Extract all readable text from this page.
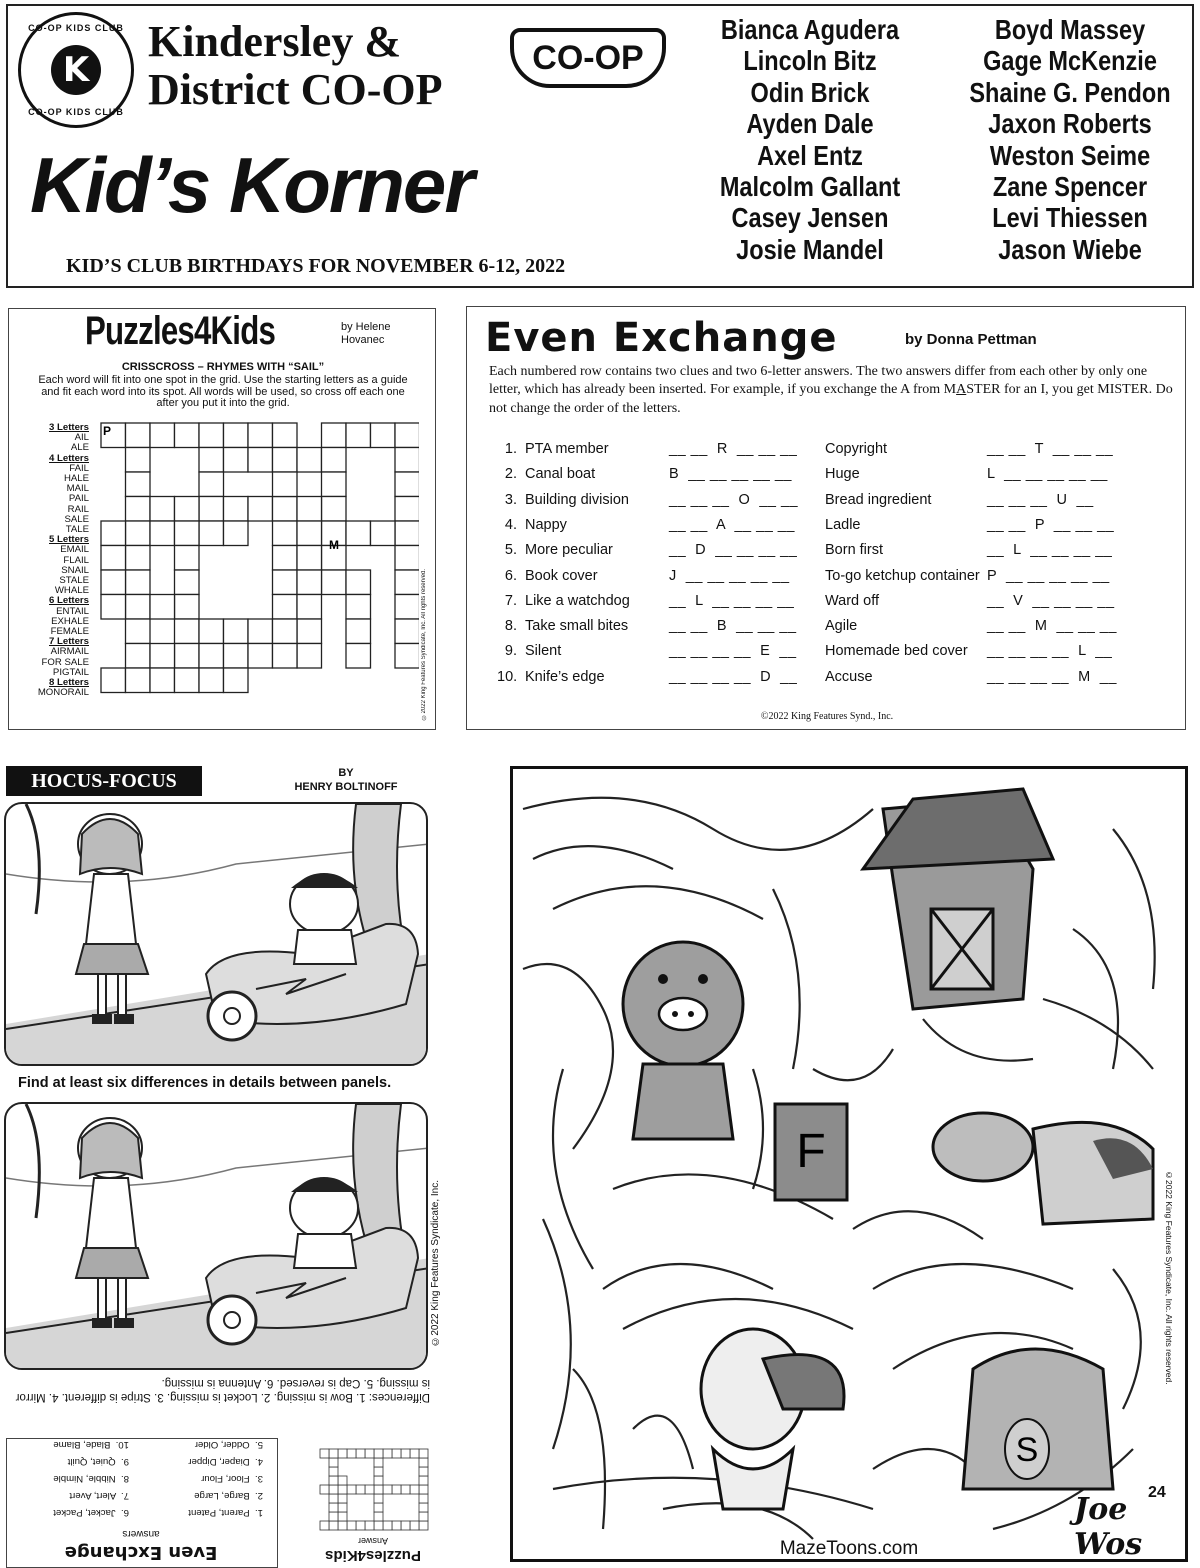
CO-OP KIDS CLUB
K
CO-OP KIDS CLUB
Kindersley &
District CO-OP
CO-OP
Kid’s Korner
KID’S CLUB BIRTHDAYS FOR NOVEMBER 6-12, 2022
Bianca Agudera
Lincoln Bitz
Odin Brick
Ayden Dale
Axel Entz
Malcolm Gallant
Casey Jensen
Josie Mandel
Boyd Massey
Gage McKenzie
Shaine G. Pendon
Jaxon Roberts
Weston Seime
Zane Spencer
Levi Thiessen
Jason Wiebe
Puzzles4Kids	by Helene Hovanec
CRISSCROSS – RHYMES WITH “SAIL”
Each word will fit into one spot in the grid. Use the starting letters as a guide and fit each word into its spot. All words will be used, so cross off each one after you put it into the grid.
3 Letters
AIL
ALE
4 Letters
FAIL
HALE
MAIL
PAIL
RAIL
SALE
TALE
5 Letters
EMAIL
FLAIL
SNAIL
STALE
WHALE
6 Letters
ENTAIL
EXHALE
FEMALE
7 Letters
AIRMAIL
FOR SALE
PIGTAIL
8 Letters
MONORAIL
P
M
©2022 King Features Syndicate, Inc. All rights reserved.
Even Exchange	by Donna Pettman
Each numbered row contains two clues and two 6-letter answers. The two answers differ from each other by only one letter, which has already been inserted. For example, if you exchange the A from MASTER for an I, you get MISTER. Do not change the order of the letters.
1. PTA member	__ __  R  __ __ __ Copyright	__ __  T  __ __ __
2. Canal boat	B  __ __ __ __ __ Huge	L  __ __ __ __ __
3. Building division	__ __ __  O  __ __ Bread ingredient	__ __ __  U  __
4. Nappy	__ __  A  __ __ __ Ladle	__ __  P  __ __ __
5. More peculiar	__  D  __ __ __ __ Born first	__  L  __ __ __ __
6. Book cover	J  __ __ __ __ __ To-go ketchup container P  __ __ __ __ __
7. Like a watchdog	__  L  __ __ __ __ Ward off	__  V  __ __ __ __
8. Take small bites	__ __  B  __ __ __ Agile	__ __  M  __ __ __
9. Silent	__ __ __ __  E  __ Homemade bed cover __ __ __ __  L  __
10. Knife’s edge	__ __ __ __  D  __ Accuse	__ __ __ __  M  __
©2022 King Features Synd., Inc.
HOCUS-FOCUS	BY
HENRY BOLTINOFF
Find at least six differences in details between panels.
©2022 King Features Syndicate, Inc.
Differences: 1. Bow is missing. 2. Locket is missing. 3. Stripe is different. 4. Mirror is missing. 5. Cap is reversed. 6. Antenna is missing.
Even Exchange
answers
1.  Parent, Patent
2.  Barge, Large
3.  Floor, Flour
4.  Diaper, Dipper
5.  Odder, Older
6.  Jacket, Packet
7.  Alert, Avert
8.  Nibble, Nimble
9.  Quiet, Quilt
10.  Blade, Blame
Puzzles4Kids
Answer
F
S
Joe Wos
24
MazeToons.com
©2022 King Features Syndicate, Inc. All rights reserved.
